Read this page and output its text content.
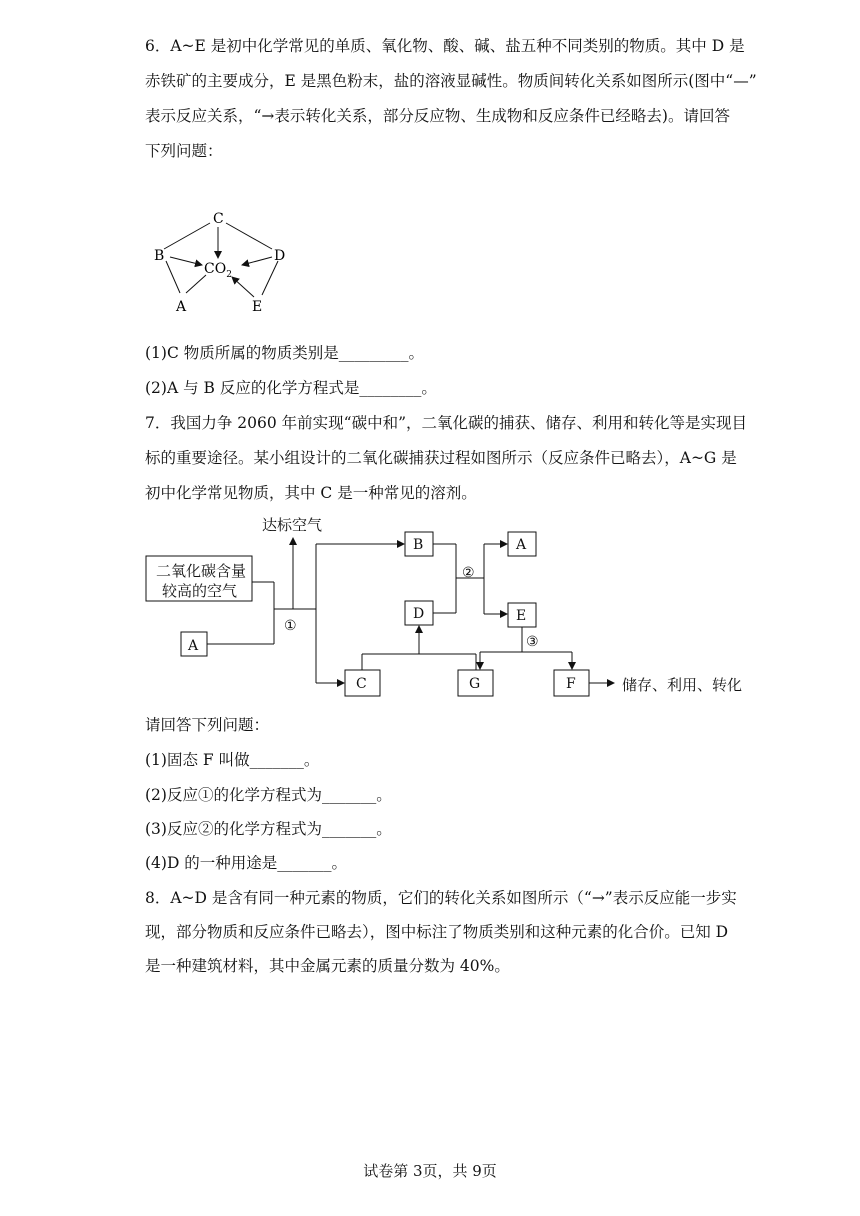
6．A~E 是初中化学常见的单质、氧化物、酸、碱、盐五种不同类别的物质。其中 D 是
赤铁矿的主要成分，E 是黑色粉末，盐的溶液显碱性。物质间转化关系如图所示(图中“—”
表示反应关系，“→表示转化关系，部分反应物、生成物和反应条件已经略去)。请回答
下列问题：
C
B	D
A	E
$CO_2$
(1)C 物质所属的物质类别是_________。
(2)A 与 B 反应的化学方程式是________。
7．我国力争 2060 年前实现“碳中和”，二氧化碳的捕获、储存、利用和转化等是实现目
标的重要途径。某小组设计的二氧化碳捕获过程如图所示（反应条件已略去），A~G 是
初中化学常见物质，其中 C 是一种常见的溶剂。
达标空气
二氧化碳含量
较高的空气
储存、利用、转化
A
B	A
D	E
C	G	F
①
②
③
请回答下列问题：
(1)固态 F 叫做_______。
(2)反应①的化学方程式为_______。
(3)反应②的化学方程式为_______。
(4)D 的一种用途是_______。
8．A~D 是含有同一种元素的物质，它们的转化关系如图所示（“→”表示反应能一步实
现，部分物质和反应条件已略去），图中标注了物质类别和这种元素的化合价。已知 D
是一种建筑材料，其中金属元素的质量分数为 40%。
试卷第 3页，共 9页
